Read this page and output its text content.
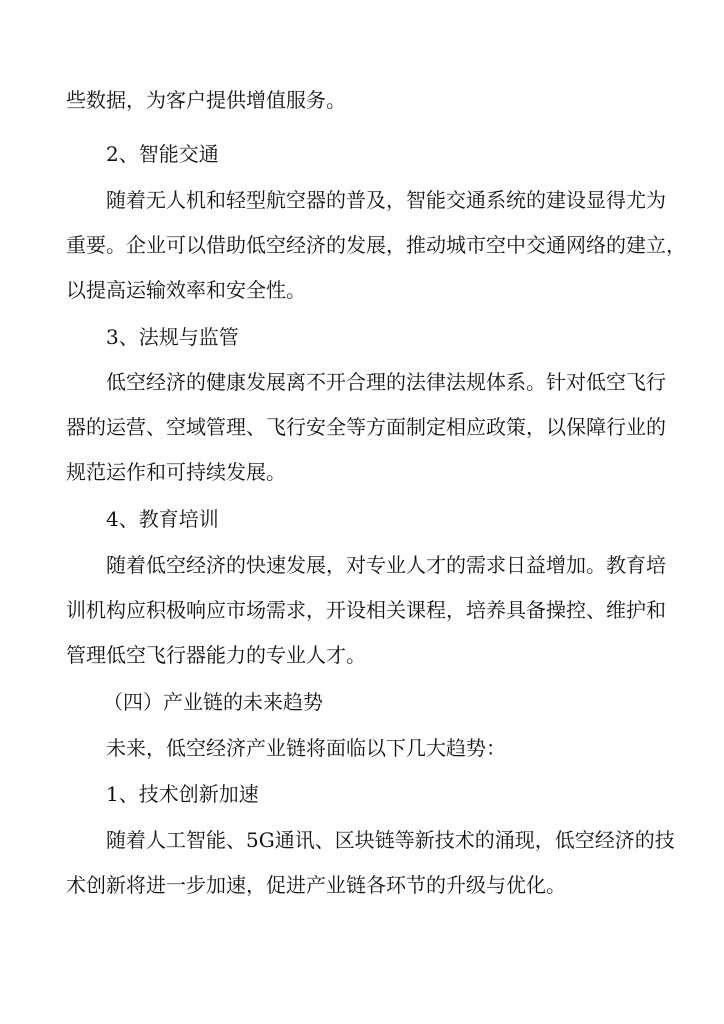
些数据，为客户提供增值服务。
2、智能交通
随着无人机和轻型航空器的普及，智能交通系统的建设显得尤为
重要。企业可以借助低空经济的发展，推动城市空中交通网络的建立，
以提高运输效率和安全性。
3、法规与监管
低空经济的健康发展离不开合理的法律法规体系。针对低空飞行
器的运营、空域管理、飞行安全等方面制定相应政策，以保障行业的
规范运作和可持续发展。
4、教育培训
随着低空经济的快速发展，对专业人才的需求日益增加。教育培
训机构应积极响应市场需求，开设相关课程，培养具备操控、维护和
管理低空飞行器能力的专业人才。
（四）产业链的未来趋势
未来，低空经济产业链将面临以下几大趋势：
1、技术创新加速
随着人工智能、5G通讯、区块链等新技术的涌现，低空经济的技
术创新将进一步加速，促进产业链各环节的升级与优化。
